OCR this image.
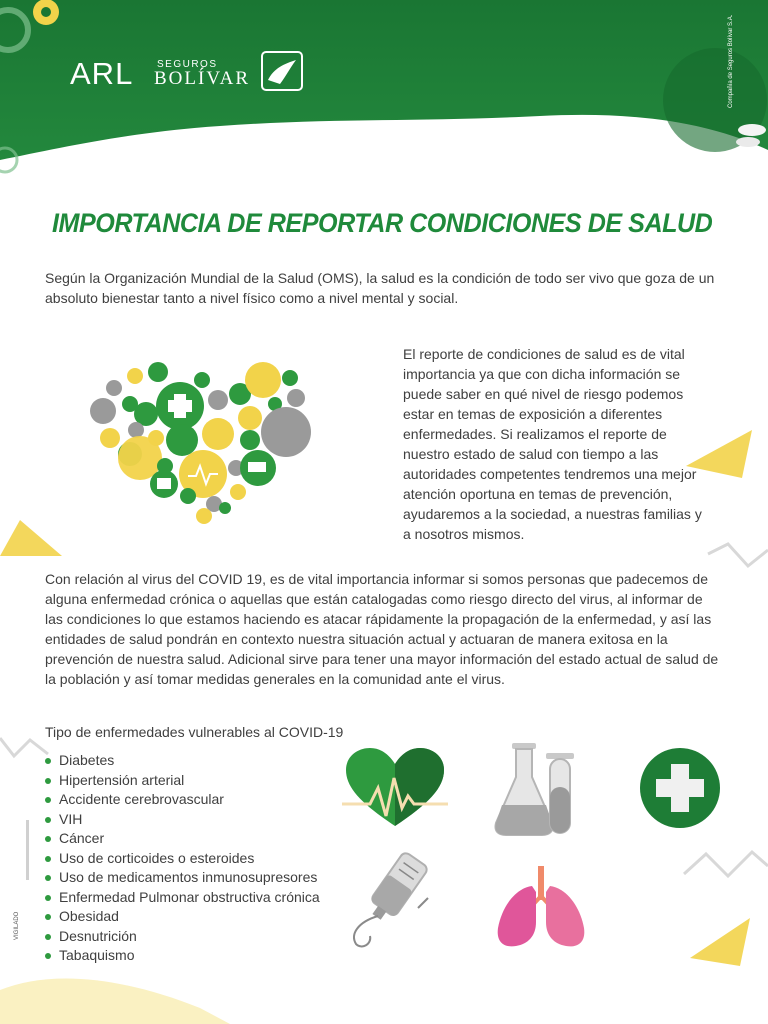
ARL SEGUROS
BOLÍVAR	Compañía de Seguros Bolívar S.A.
IMPORTANCIA DE REPORTAR CONDICIONES DE SALUD
Según la Organización Mundial de la Salud (OMS), la salud es la condición de todo ser vivo que goza de un absoluto bienestar tanto a nivel físico como a nivel mental y social.
El reporte de condiciones de salud es de vital importancia ya que con dicha información se puede saber en qué nivel de riesgo podemos estar en temas de exposición a diferentes enfermedades. Si realizamos el reporte de nuestro estado de salud con tiempo a las autoridades competentes tendremos una mejor atención oportuna en temas de prevención, ayudaremos a la sociedad, a nuestras familias y a nosotros mismos.
Con relación al virus del COVID 19, es de vital importancia informar si somos personas que padecemos de alguna enfermedad crónica o aquellas que están catalogadas como riesgo directo del virus, al informar de las condiciones lo que estamos haciendo es atacar rápidamente la propagación de la enfermedad, y así las entidades de salud pondrán en contexto nuestra situación actual y actuaran de manera exitosa en la prevención de nuestra salud. Adicional sirve para tener una mayor información del estado actual de salud de la población y así tomar medidas generales en la comunidad ante el virus.
Tipo de enfermedades vulnerables al COVID-19
Diabetes
Hipertensión arterial
Accidente cerebrovascular
VIH
Cáncer
Uso de corticoides o esteroides
Uso de medicamentos inmunosupresores
Enfermedad Pulmonar obstructiva crónica
Obesidad
Desnutrición
Tabaquismo
VIGILADO
